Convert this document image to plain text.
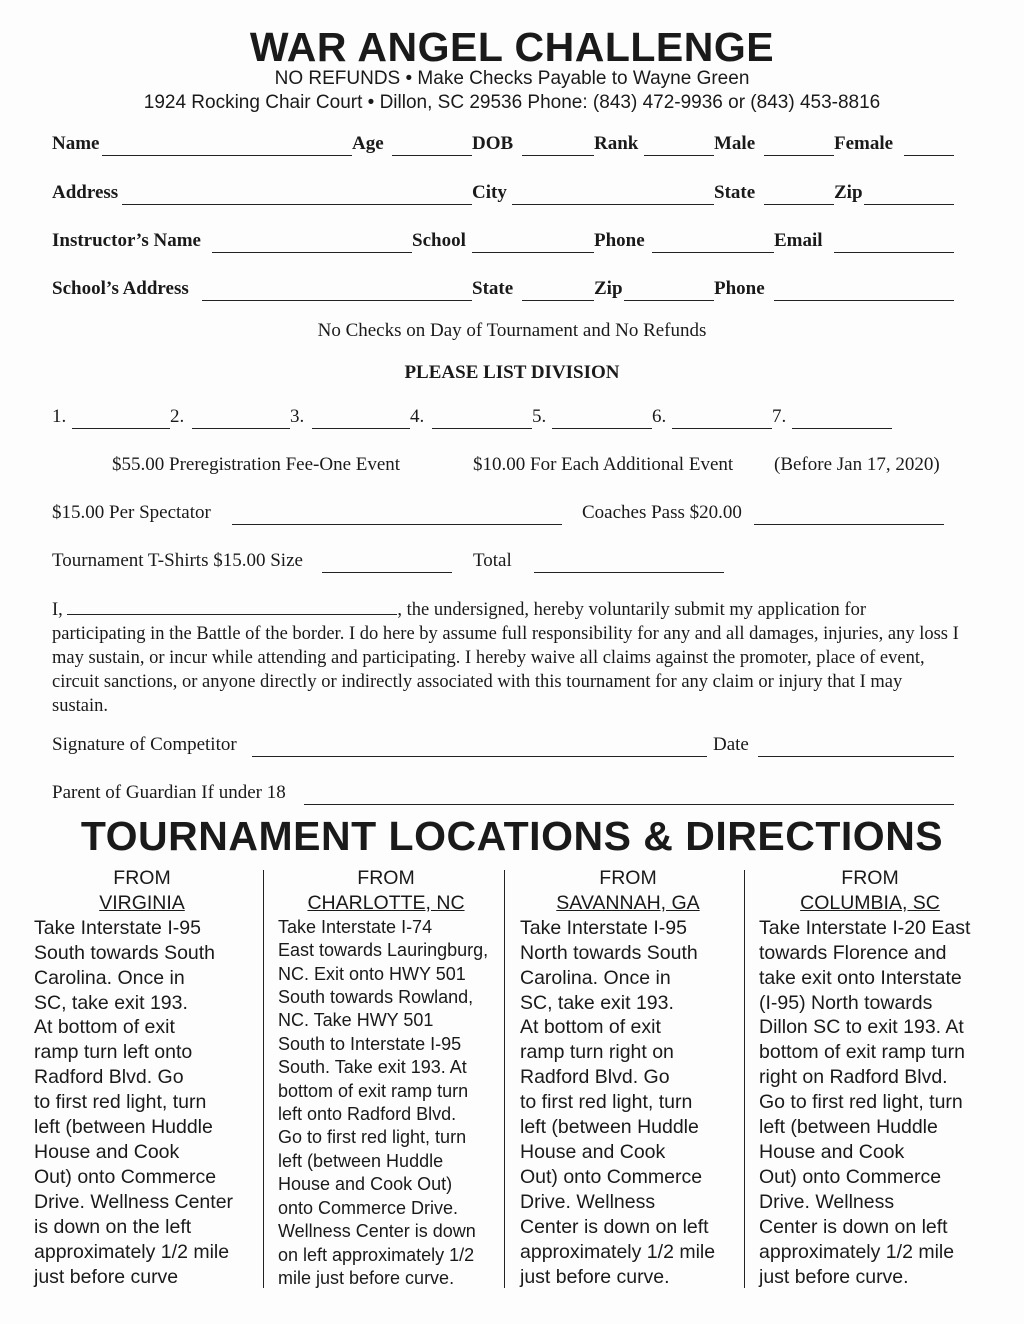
WAR ANGEL CHALLENGE
NO REFUNDS • Make Checks Payable to Wayne Green
1924 Rocking Chair Court • Dillon, SC 29536 Phone: (843) 472-9936 or (843) 453-8816
Name	Age	DOB	Rank	Male	Female
Address	City	State	Zip
Instructor’s Name	School	Phone	Email
School’s Address	State	Zip	Phone
No Checks on Day of Tournament and No Refunds
PLEASE LIST DIVISION
1.	2.	3.	4.	5.	6.	7.
$55.00 Preregistration Fee-One Event	$10.00 For Each Additional Event (Before Jan 17, 2020)
$15.00 Per Spectator	Coaches Pass $20.00
Tournament T-Shirts $15.00 Size	Total
I,	, the undersigned, hereby voluntarily submit my application for participating in the Battle of the border. I do here by assume full responsibility for any and all damages, injuries, any loss I may sustain, or incur while attending and participating. I hereby waive all claims against the promoter, place of event, circuit sanctions, or anyone directly or indirectly associated with this tournament for any claim or injury that I may sustain.
Signature of Competitor	Date
Parent of Guardian If under 18
TOURNAMENT LOCATIONS & DIRECTIONS
FROM
VIRGINIA
Take Interstate I-95
South towards South
Carolina. Once in
SC, take exit 193.
At bottom of exit
ramp turn left onto
Radford Blvd. Go
to first red light, turn
left (between Huddle
House and Cook
Out) onto Commerce
Drive. Wellness Center
is down on the left
approximately 1/2 mile
just before curve
FROM
CHARLOTTE, NC
Take Interstate I-74
East towards Lauringburg,
NC. Exit onto HWY 501
South towards Rowland,
NC. Take HWY 501
South to Interstate I-95
South. Take exit 193. At
bottom of exit ramp turn
left onto Radford Blvd.
Go to first red light, turn
left (between Huddle
House and Cook Out)
onto Commerce Drive.
Wellness Center is down
on left approximately 1/2
mile just before curve.
FROM
SAVANNAH, GA
Take Interstate I-95
North towards South
Carolina. Once in
SC, take exit 193.
At bottom of exit
ramp turn right on
Radford Blvd. Go
to first red light, turn
left (between Huddle
House and Cook
Out) onto Commerce
Drive. Wellness
Center is down on left
approximately 1/2 mile
just before curve.
FROM
COLUMBIA, SC
Take Interstate I-20 East
towards Florence and
take exit onto Interstate
(I-95) North towards
Dillon SC to exit 193. At
bottom of exit ramp turn
right on Radford Blvd.
Go to first red light, turn
left (between Huddle
House and Cook
Out) onto Commerce
Drive. Wellness
Center is down on left
approximately 1/2 mile
just before curve.
